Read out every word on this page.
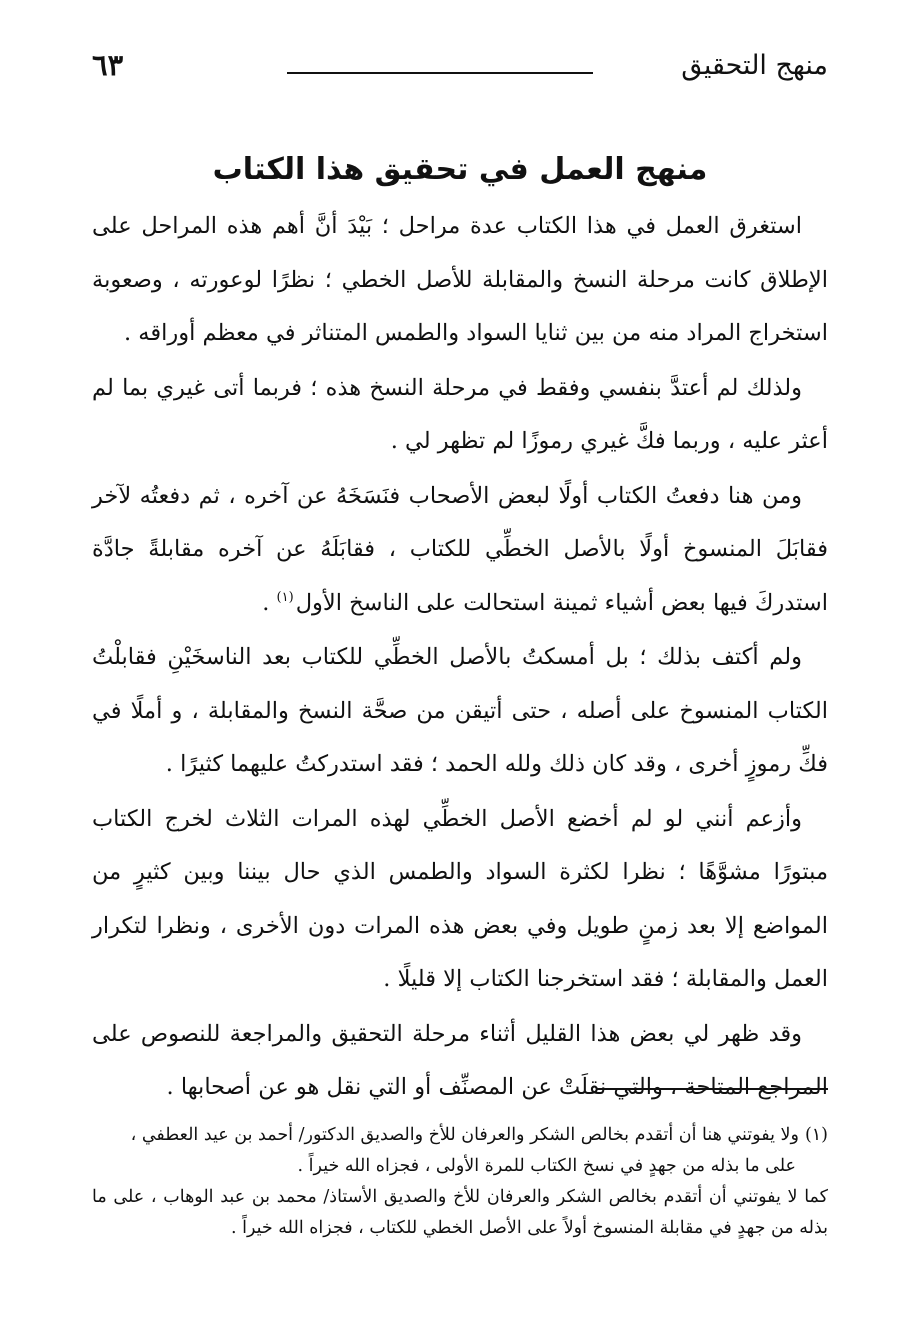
منهج التحقيق
٦٣
منهج العمل في تحقيق هذا الكتاب

استغرق العمل في هذا الكتاب عدة مراحل ؛ بَيْدَ أنَّ أهم هذه المراحل على الإطلاق كانت مرحلة النسخ والمقابلة للأصل الخطي ؛ نظرًا لوعورته ، وصعوبة استخراج المراد منه من بين ثنايا السواد والطمس المتناثر في معظم أوراقه .

ولذلك لم أعتدَّ بنفسي وفقط في مرحلة النسخ هذه ؛ فربما أتى غيري بما لم أعثر عليه ، وربما فكَّ غيري رموزًا لم تظهر لي .

ومن هنا دفعتُ الكتاب أولًا لبعض الأصحاب فنَسَخَهُ عن آخره ، ثم دفعتُه لآخر فقابَلَ المنسوخ أولًا بالأصل الخطِّي للكتاب ، فقابَلَهُ عن آخره مقابلةً جادَّة استدركَ فيها بعض أشياء ثمينة استحالت على الناسخ الأول$^{(١)}$ .

ولم أكتف بذلك ؛ بل أمسكتُ بالأصل الخطِّي للكتاب بعد الناسخَيْنِ فقابلْتُ الكتاب المنسوخ على أصله ، حتى أتيقن من صحَّة النسخ والمقابلة ، و أملًا في فكِّ رموزٍ أخرى ، وقد كان ذلك ولله الحمد ؛ فقد استدركتُ عليهما كثيرًا .

وأزعم أنني لو لم أخضع الأصل الخطِّي لهذه المرات الثلاث لخرج الكتاب مبتورًا مشوَّهًا ؛ نظرا لكثرة السواد والطمس الذي حال بيننا وبين كثيرٍ من المواضع إلا بعد زمنٍ طويل وفي بعض هذه المرات دون الأخرى ، ونظرا لتكرار العمل والمقابلة ؛ فقد استخرجنا الكتاب إلا قليلًا .

وقد ظهر لي بعض هذا القليل أثناء مرحلة التحقيق والمراجعة للنصوص على المراجع المتاحة ، والتي نقلَتْ عن المصنِّف أو التي نقل هو عن أصحابها .

(١)ولا يفوتني هنا أن أتقدم بخالص الشكر والعرفان للأخ والصديق الدكتور/ أحمد بن عيد العطفي ،

على ما بذله من جهدٍ في نسخ الكتاب للمرة الأولى ، فجزاه الله خيراً .

كما لا يفوتني أن أتقدم بخالص الشكر والعرفان للأخ والصديق الأستاذ/ محمد بن عبد الوهاب ، على ما بذله من جهدٍ في مقابلة المنسوخ أولاً على الأصل الخطي للكتاب ، فجزاه الله خيراً .
